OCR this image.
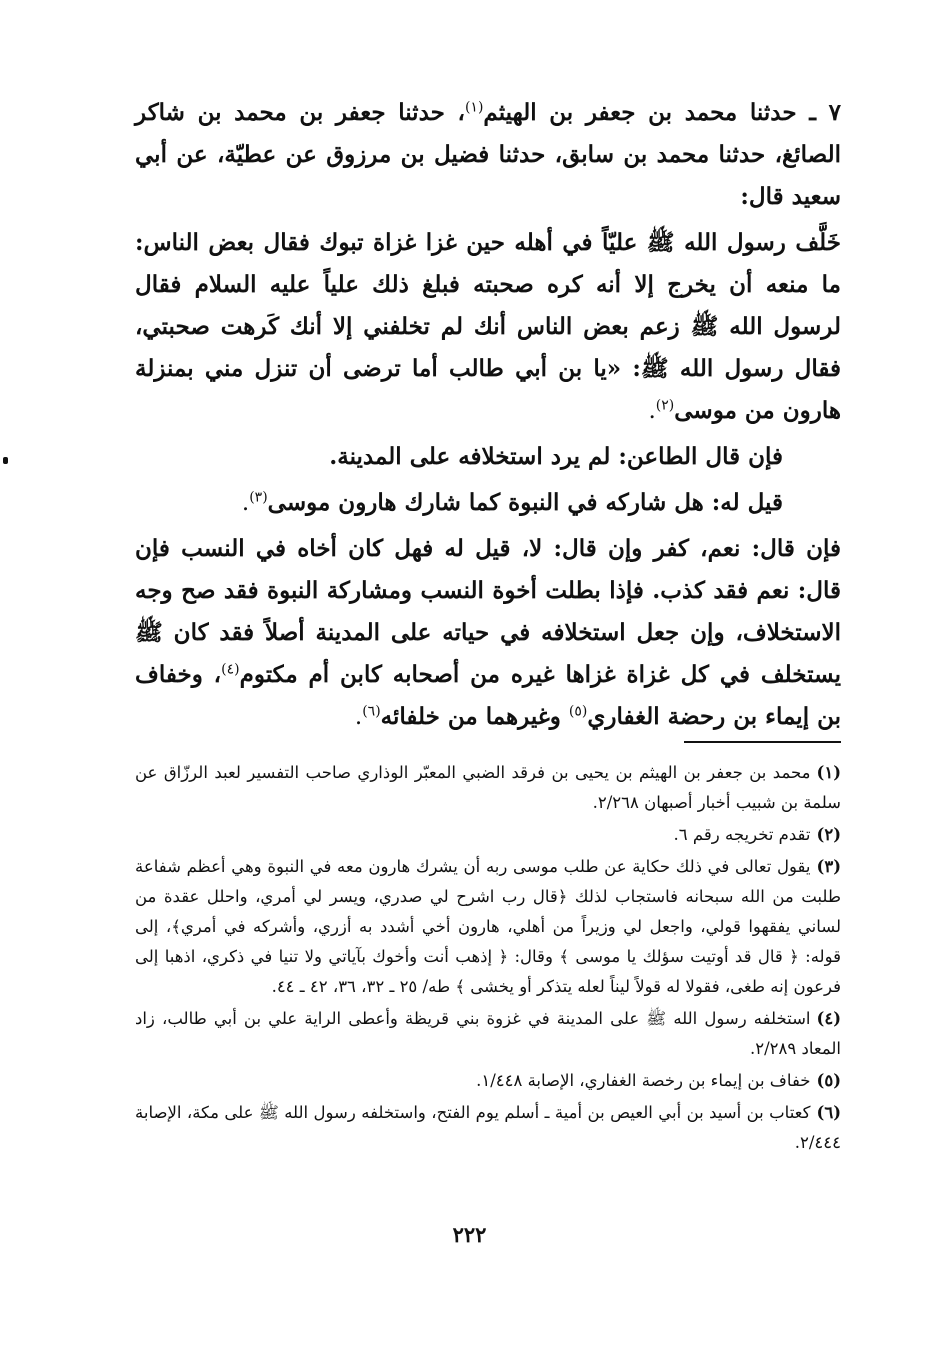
٧ ـ حدثنا محمد بن جعفر بن الهيثم$^{(١)}$، حدثنا جعفر بن محمد بن شاكر الصائغ، حدثنا محمد بن سابق، حدثنا فضيل بن مرزوق عن عطيّة، عن أبي سعيد قال:

خَلَّف رسول الله ﷺ عليّاً في أهله حين غزا غزاة تبوك فقال بعض الناس: ما منعه أن يخرج إلا أنه كره صحبته فبلغ ذلك علياً عليه السلام فقال لرسول الله ﷺ زعم بعض الناس أنك لم تخلفني إلا أنك كَرهت صحبتي، فقال رسول الله ﷺ: «يا بن أبي طالب أما ترضى أن تنزل مني بمنزلة هارون من موسى$^{(٢)}$.

فإن قال الطاعن: لم يرد استخلافه على المدينة.

قيل له: هل شاركه في النبوة كما شارك هارون موسى$^{(٣)}$.

فإن قال: نعم، كفر وإن قال: لا، قيل له فهل كان أخاه في النسب فإن قال: نعم فقد كذب. فإذا بطلت أخوة النسب ومشاركة النبوة فقد صح وجه الاستخلاف، وإن جعل استخلافه في حياته على المدينة أصلاً فقد كان ﷺ يستخلف في كل غزاة غزاها غيره من أصحابه كابن أم مكتوم$^{(٤)}$، وخفاف بن إيماء بن رحضة الغفاري$^{(٥)}$ وغيرهما من خلفائه$^{(٦)}$.

(١)محمد بن جعفر بن الهيثم بن يحيى بن فرقد الضبي المعبّر الوذاري صاحب التفسير لعبد الرزّاق عن سلمة بن شبيب أخبار أصبهان ٢/٢٦٨.

(٢)تقدم تخريجه رقم ٦.

(٣)يقول تعالى في ذلك حكاية عن طلب موسى ربه أن يشرك هارون معه في النبوة وهي أعظم شفاعة طلبت من الله سبحانه فاستجاب لذلك ﴿قال رب اشرح لي صدري، ويسر لي أمري، واحلل عقدة من لساني يفقهوا قولي، واجعل لي وزيراً من أهلي، هارون أخي أشدد به أزري، وأشركه في أمري﴾، إلى قوله: ﴿ قال قد أوتيت سؤلك يا موسى ﴾ وقال: ﴿ إذهب أنت وأخوك بآياتي ولا تنيا في ذكري، اذهبا إلى فرعون إنه طغى، فقولا له قولاً ليناً لعله يتذكر أو يخشى ﴾ طه/ ٢٥ ـ ٣٢، ٣٦، ٤٢ ـ ٤٤.

(٤)استخلفه رسول الله ﷺ على المدينة في غزوة بني قريظة وأعطى الراية علي بن أبي طالب، زاد المعاد ٢/٢٨٩.

(٥)خفاف بن إيماء بن رخصة الغفاري، الإصابة ١/٤٤٨.

(٦)كعتاب بن أسيد بن أبي العيص بن أمية ـ أسلم يوم الفتح، واستخلفه رسول الله ﷺ على مكة، الإصابة ٢/٤٤٤.

٢٢٢
